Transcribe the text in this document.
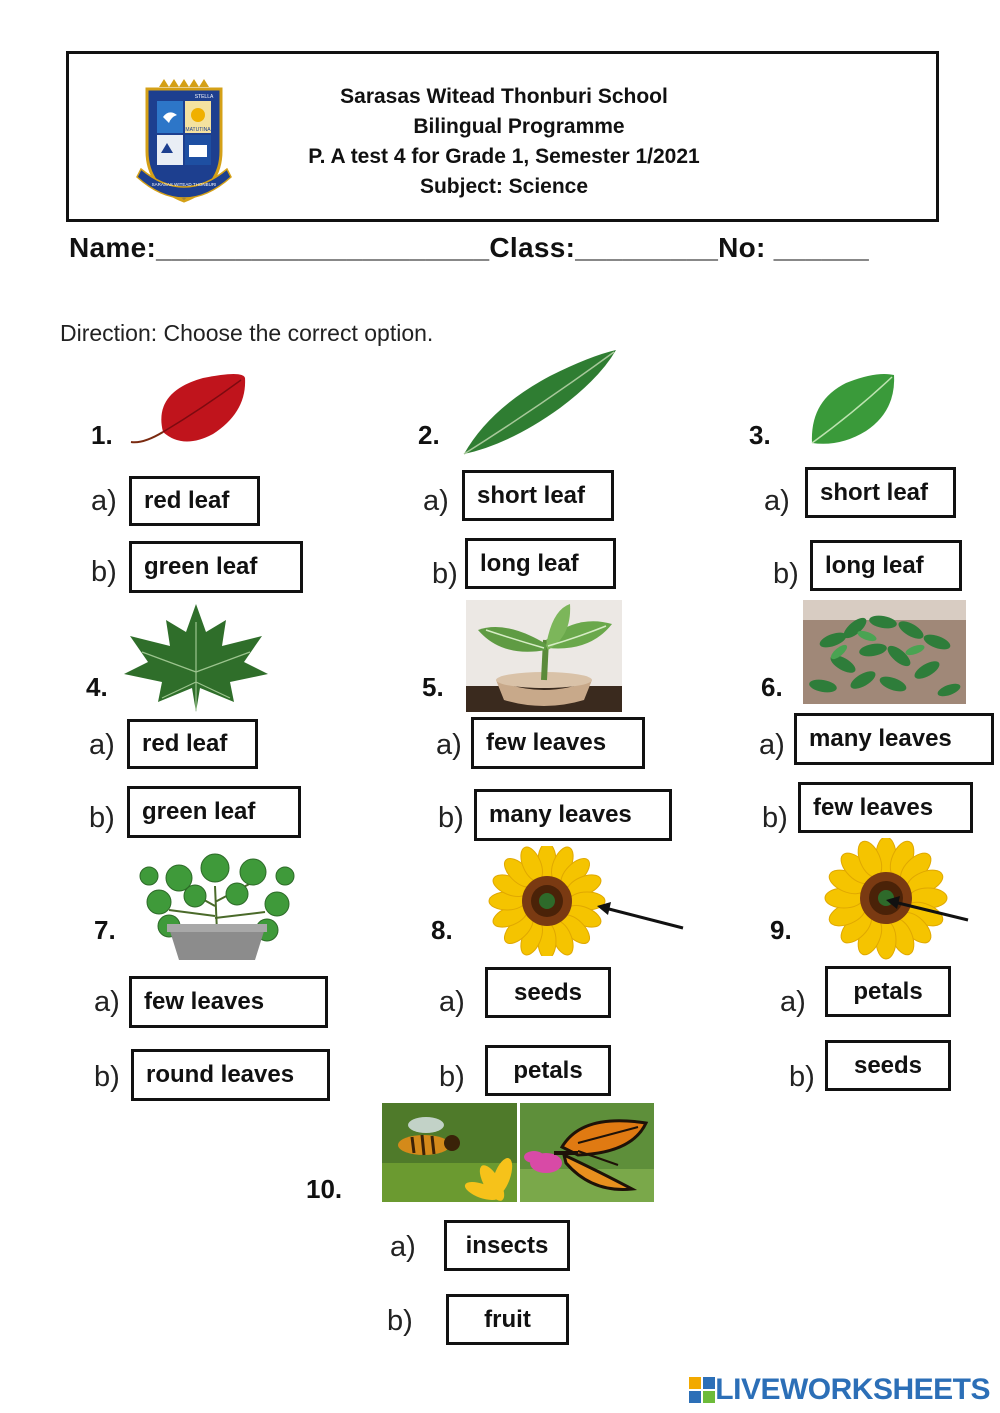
STELLA
MATUTINA
SARASAS WITEAD THONBURI
Sarasas Witead Thonburi School
Bilingual Programme
P. A test 4 for Grade 1, Semester 1/2021
Subject: Science
Name:_____________________Class:_________No: ______
Direction: Choose the correct option.
1.
a)	red leaf
b)	green leaf
2.
a)	short leaf
b) long leaf
3.
a)	short leaf
b)	long leaf
4.
a)	red leaf
b)	green leaf
5.
a)	few leaves
b)	many leaves
6.
a)	many leaves
b)	few leaves
7.
a)	few leaves
b)	round leaves
8.
a)	seeds
b)	petals
9.
a)	petals
b)	seeds
10.
a)	insects
b)	fruit
LIVEWORKSHEETS
